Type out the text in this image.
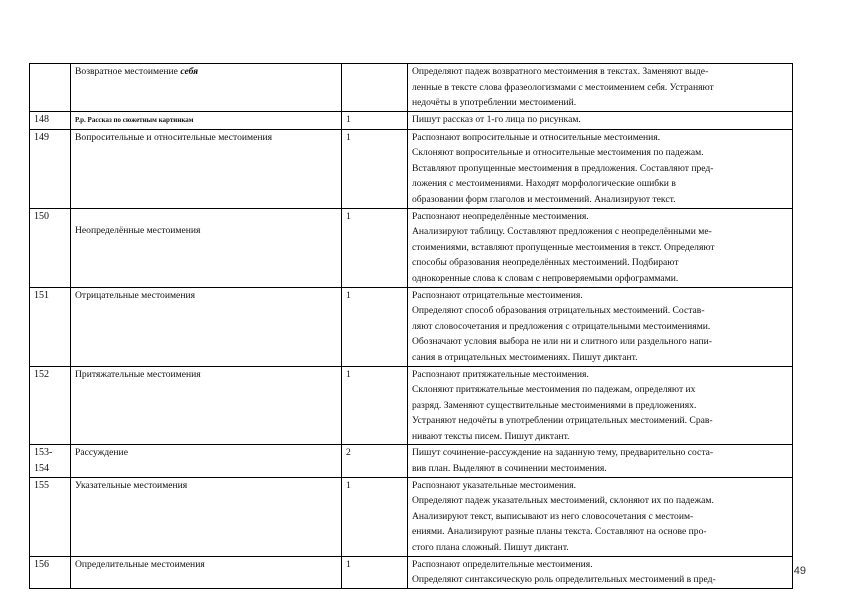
	Возвратное местоимение себя		Определяют падеж возвратного местоимения в текстах. Заменяют выде-
ленные в тексте слова фразеологизмами с местоимением себя. Устраняют
недочёты в употреблении местоимений.

148	Р.р. Рассказ по сюжетным картинкам	1	Пишут рассказ от 1-го лица по рисункам.

149	Вопросительные и относительные местоимения	1	Распознают вопросительные и относительные местоимения.
Склоняют вопросительные и относительные местоимения по падежам.
Вставляют пропущенные местоимения в предложения. Составляют пред-
ложения с местоимениями. Находят морфологические ошибки в
образовании форм глаголов и местоимений. Анализируют текст.

150	Неопределённые местоимения	1	Распознают неопределённые местоимения.
Анализируют таблицу. Составляют предложения с неопределёнными ме-
стоимениями, вставляют пропущенные местоимения в текст. Определяют
способы образования неопределённых местоимений. Подбирают
однокоренные слова к словам с непроверяемыми орфограммами.

151	Отрицательные местоимения	1	Распознают отрицательные местоимения.
Определяют способ образования отрицательных местоимений. Состав-
ляют словосочетания и предложения с отрицательными местоимениями.
Обозначают условия выбора не или ни и слитного или раздельного напи-
сания в отрицательных местоимениях. Пишут диктант.

152	Притяжательные местоимения	1	Распознают притяжательные местоимения.
Склоняют притяжательные местоимения по падежам, определяют их
разряд. Заменяют существительные местоимениями в предложениях.
Устраняют недочёты в употреблении отрицательных местоимений. Срав-
нивают тексты писем. Пишут диктант.

153-154	Рассуждение	2	Пишут сочинение-рассуждение на заданную тему, предварительно соста-
вив план. Выделяют в сочинении местоимения.

155	Указательные местоимения	1	Распознают указательные местоимения.
Определяют падеж указательных местоимений, склоняют их по падежам.
Анализируют текст, выписывают из него словосочетания с местоим-
ениями. Анализируют разные планы текста. Составляют на основе про-
стого плана сложный. Пишут диктант.

156	Определительные местоимения	1	Распознают определительные местоимения.
Определяют синтаксическую роль определительных местоимений в пред-
49
